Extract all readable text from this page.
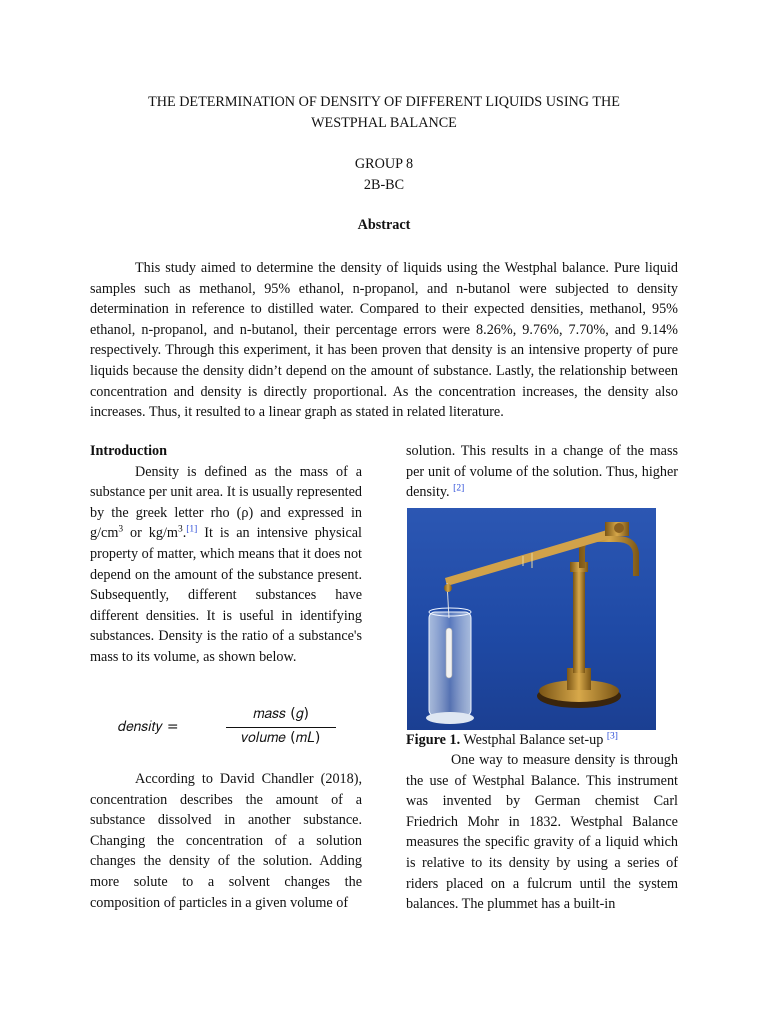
THE DETERMINATION OF DENSITY OF DIFFERENT LIQUIDS USING THE
WESTPHAL BALANCE
GROUP 8
2B-BC
Abstract

This study aimed to determine the density of liquids using the Westphal balance. Pure liquid samples such as methanol, 95% ethanol, n-propanol, and n-butanol were subjected to density determination in reference to distilled water. Compared to their expected densities, methanol, 95% ethanol, n-propanol, and n-butanol, their percentage errors were 8.26%, 9.76%, 7.70%, and 9.14% respectively. Through this experiment, it has been proven that density is an intensive property of pure liquids because the density didn’t depend on the amount of substance. Lastly, the relationship between concentration and density is directly proportional. As the concentration increases, the density also increases. Thus, it resulted to a linear graph as stated in related literature.

Introduction

Density is defined as the mass of a substance per unit area. It is usually represented by the greek letter rho (ρ) and expressed in $g/cm^3$ or $kg/m^3.[1]$ It is an intensive physical property of matter, which means that it does not depend on the amount of the substance present. Subsequently, different substances have different densities. It is useful in identifying substances. Density is the ratio of a substance's mass to its volume, as shown below.

𝑑𝑒𝑛𝑠𝑖𝑡𝑦 =
𝑚𝑎𝑠𝑠 (𝑔)
𝑣𝑜𝑙𝑢𝑚𝑒 (𝑚𝐿)

According to David Chandler (2018), concentration describes the amount of a substance dissolved in another substance. Changing the concentration of a solution changes the density of the solution. Adding more solute to a solvent changes the composition of particles in a given volume of

solution. This results in a change of the mass per unit of volume of the solution. Thus, higher density. [2]

Figure 1. Westphal Balance set-up [3]

One way to measure density is through the use of Westphal Balance. This instrument was invented by German chemist Carl Friedrich Mohr in 1832. Westphal Balance measures the specific gravity of a liquid which is relative to its density by using a series of riders placed on a fulcrum until the system balances. The plummet has a built-in
